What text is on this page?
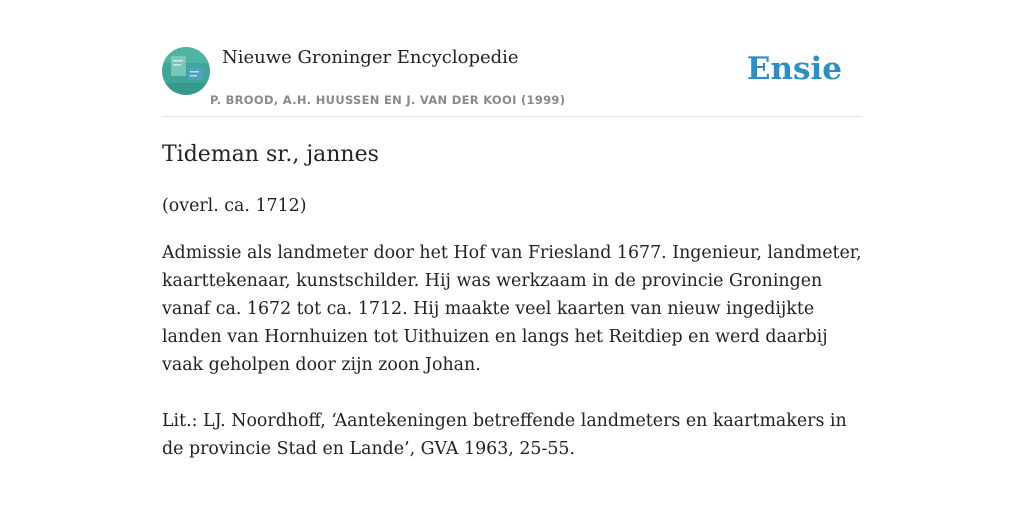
Nieuwe Groninger Encyclopedie
P. BROOD, A.H. HUUSSEN EN J. VAN DER KOOI (1999)
Ensie
Tideman sr., jannes

(overl. ca. 1712)

Admissie als landmeter door het Hof van Friesland 1677. Ingenieur, landmeter, kaarttekenaar, kunstschilder. Hij was werkzaam in de provincie Groningen vanaf ca. 1672 tot ca. 1712. Hij maakte veel kaarten van nieuw ingedijkte landen van Hornhuizen tot Uithuizen en langs het Reitdiep en werd daarbij vaak geholpen door zijn zoon Johan.

Lit.: LJ. Noordhoff, ‘Aantekeningen betreffende landmeters en kaartmakers in de provincie Stad en Lande’, GVA 1963, 25-55.
